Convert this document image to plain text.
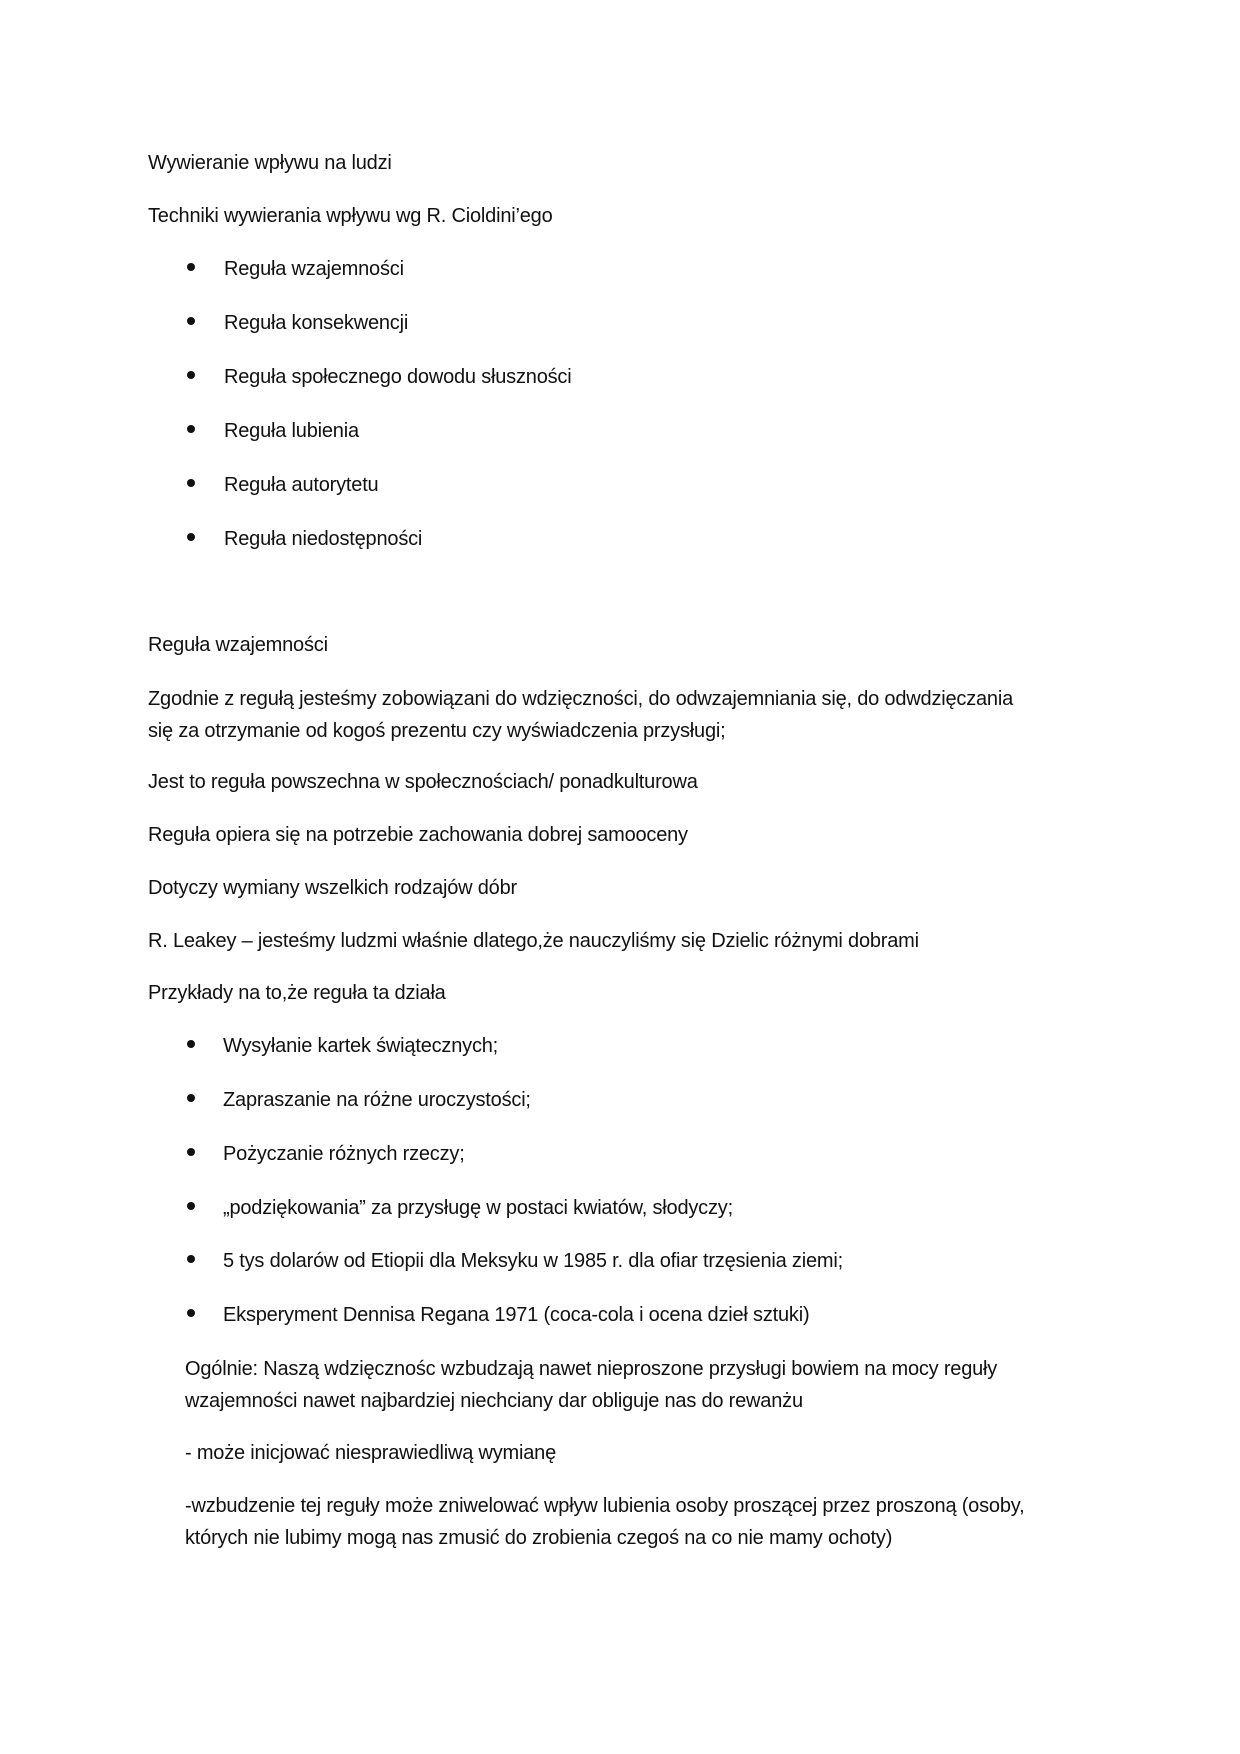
Wywieranie wpływu na ludzi
Techniki wywierania wpływu wg R. Cioldini’ego
Reguła wzajemności
Reguła konsekwencji
Reguła społecznego dowodu słuszności
Reguła lubienia
Reguła autorytetu
Reguła niedostępności
Reguła wzajemności
Zgodnie z regułą jesteśmy zobowiązani do wdzięczności, do odwzajemniania się, do odwdzięczania
się za otrzymanie od kogoś prezentu czy wyświadczenia przysługi;
Jest to reguła powszechna w społecznościach/ ponadkulturowa
Reguła opiera się na potrzebie zachowania dobrej samooceny
Dotyczy wymiany wszelkich rodzajów dóbr
R. Leakey – jesteśmy ludzmi właśnie dlatego,że nauczyliśmy się Dzielic różnymi dobrami
Przykłady na to,że reguła ta działa
Wysyłanie kartek świątecznych;
Zapraszanie na różne uroczystości;
Pożyczanie różnych rzeczy;
„podziękowania” za przysługę w postaci kwiatów, słodyczy;
5 tys dolarów od Etiopii dla Meksyku w 1985 r. dla ofiar trzęsienia ziemi;
Eksperyment Dennisa Regana 1971 (coca-cola i ocena dzieł sztuki)
Ogólnie: Naszą wdzięcznośc wzbudzają nawet nieproszone przysługi bowiem na mocy reguły
wzajemności nawet najbardziej niechciany dar obliguje nas do rewanżu
- może inicjować niesprawiedliwą wymianę
-wzbudzenie tej reguły może zniwelować wpływ lubienia osoby proszącej przez proszoną (osoby,
których nie lubimy mogą nas zmusić do zrobienia czegoś na co nie mamy ochoty)
